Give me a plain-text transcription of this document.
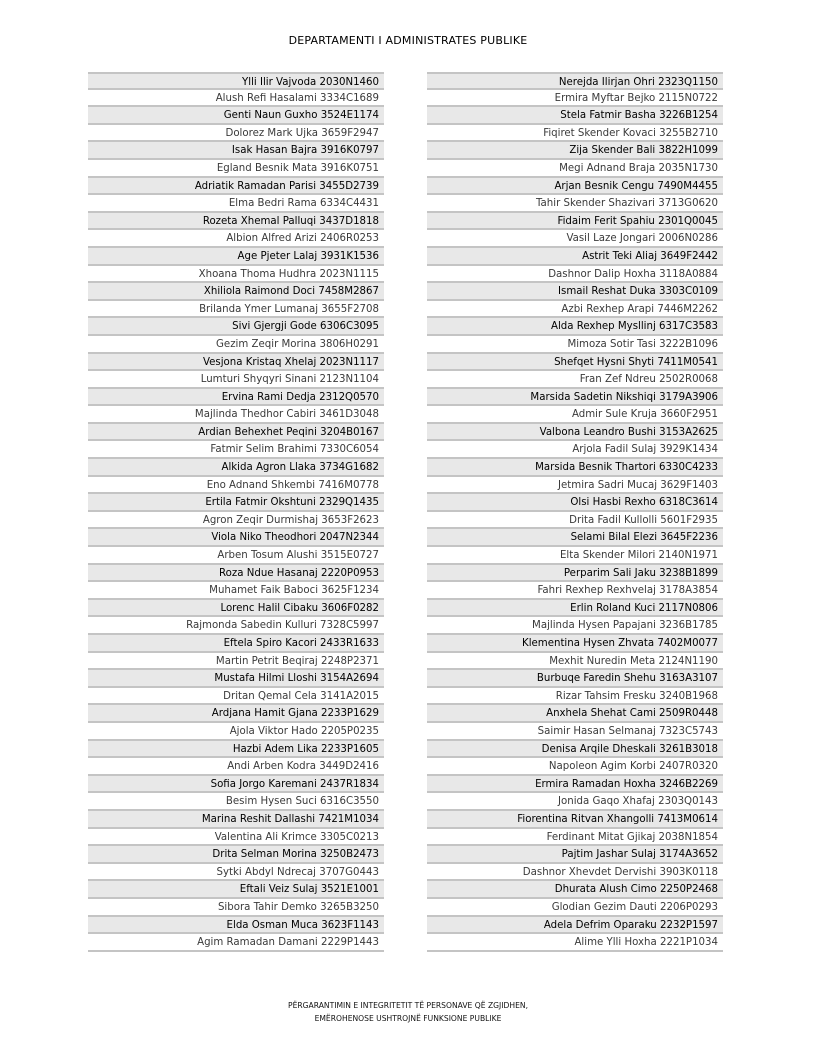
DEPARTAMENTI I ADMINISTRATES PUBLIKE
Ylli Ilir Vajvoda 2030N1460
Alush Refi Hasalami 3334C1689
Genti Naun Guxho 3524E1174
Dolorez Mark Ujka 3659F2947
Isak Hasan Bajra 3916K0797
Egland Besnik Mata 3916K0751
Adriatik Ramadan Parisi 3455D2739
Elma Bedri Rama 6334C4431
Rozeta Xhemal Palluqi 3437D1818
Albion Alfred Arizi 2406R0253
Age Pjeter Lalaj 3931K1536
Xhoana Thoma Hudhra 2023N1115
Xhiliola Raimond Doci 7458M2867
Brilanda Ymer Lumanaj 3655F2708
Sivi Gjergji Gode 6306C3095
Gezim Zeqir Morina 3806H0291
Vesjona Kristaq Xhelaj 2023N1117
Lumturi Shyqyri Sinani 2123N1104
Ervina Rami Dedja 2312Q0570
Majlinda Thedhor Cabiri 3461D3048
Ardian Behexhet Peqini 3204B0167
Fatmir Selim Brahimi 7330C6054
Alkida Agron Llaka 3734G1682
Eno Adnand Shkembi 7416M0778
Ertila Fatmir Okshtuni 2329Q1435
Agron Zeqir Durmishaj 3653F2623
Viola Niko Theodhori 2047N2344
Arben Tosum Alushi 3515E0727
Roza Ndue Hasanaj 2220P0953
Muhamet Faik Baboci 3625F1234
Lorenc Halil Cibaku 3606F0282
Rajmonda Sabedin Kulluri 7328C5997
Eftela Spiro Kacori 2433R1633
Martin Petrit Beqiraj 2248P2371
Mustafa Hilmi Lloshi 3154A2694
Dritan Qemal Cela 3141A2015
Ardjana Hamit Gjana 2233P1629
Ajola Viktor Hado 2205P0235
Hazbi Adem Lika 2233P1605
Andi Arben Kodra 3449D2416
Sofia Jorgo Karemani 2437R1834
Besim Hysen Suci 6316C3550
Marina Reshit Dallashi 7421M1034
Valentina Ali Krimce 3305C0213
Drita Selman Morina 3250B2473
Sytki Abdyl Ndrecaj 3707G0443
Eftali Veiz Sulaj 3521E1001
Sibora Tahir Demko 3265B3250
Elda Osman Muca 3623F1143
Agim Ramadan Damani 2229P1443
Nerejda Ilirjan Ohri 2323Q1150
Ermira Myftar Bejko 2115N0722
Stela Fatmir Basha 3226B1254
Fiqiret Skender Kovaci 3255B2710
Zija Skender Bali 3822H1099
Megi Adnand Braja 2035N1730
Arjan Besnik Cengu 7490M4455
Tahir Skender Shazivari 3713G0620
Fidaim Ferit Spahiu 2301Q0045
Vasil Laze Jongari 2006N0286
Astrit Teki Aliaj 3649F2442
Dashnor Dalip Hoxha 3118A0884
Ismail Reshat Duka 3303C0109
Azbi Rexhep Arapi 7446M2262
Alda Rexhep Mysllinj 6317C3583
Mimoza Sotir Tasi 3222B1096
Shefqet Hysni Shyti 7411M0541
Fran Zef Ndreu 2502R0068
Marsida Sadetin Nikshiqi 3179A3906
Admir Sule Kruja 3660F2951
Valbona Leandro Bushi 3153A2625
Arjola Fadil Sulaj 3929K1434
Marsida Besnik Thartori 6330C4233
Jetmira Sadri Mucaj 3629F1403
Olsi Hasbi Rexho 6318C3614
Drita Fadil Kullolli 5601F2935
Selami Bilal Elezi 3645F2236
Elta Skender Milori 2140N1971
Perparim Sali Jaku 3238B1899
Fahri Rexhep Rexhvelaj 3178A3854
Erlin Roland Kuci 2117N0806
Majlinda Hysen Papajani 3236B1785
Klementina Hysen Zhvata 7402M0077
Mexhit Nuredin Meta 2124N1190
Burbuqe Faredin Shehu 3163A3107
Rizar Tahsim Fresku 3240B1968
Anxhela Shehat Cami 2509R0448
Saimir Hasan Selmanaj 7323C5743
Denisa Arqile Dheskali 3261B3018
Napoleon Agim Korbi 2407R0320
Ermira Ramadan Hoxha 3246B2269
Jonida Gaqo Xhafaj 2303Q0143
Fiorentina Ritvan Xhangolli 7413M0614
Ferdinant Mitat Gjikaj 2038N1854
Pajtim Jashar Sulaj 3174A3652
Dashnor Xhevdet Dervishi 3903K0118
Dhurata Alush Cimo 2250P2468
Glodian Gezim Dauti 2206P0293
Adela Defrim Oparaku 2232P1597
Alime Ylli Hoxha 2221P1034
PËRGARANTIMIN E INTEGRITETIT TË PERSONAVE QË ZGJIDHEN,
EMËROHENOSE USHTROJNË FUNKSIONE PUBLIKE
